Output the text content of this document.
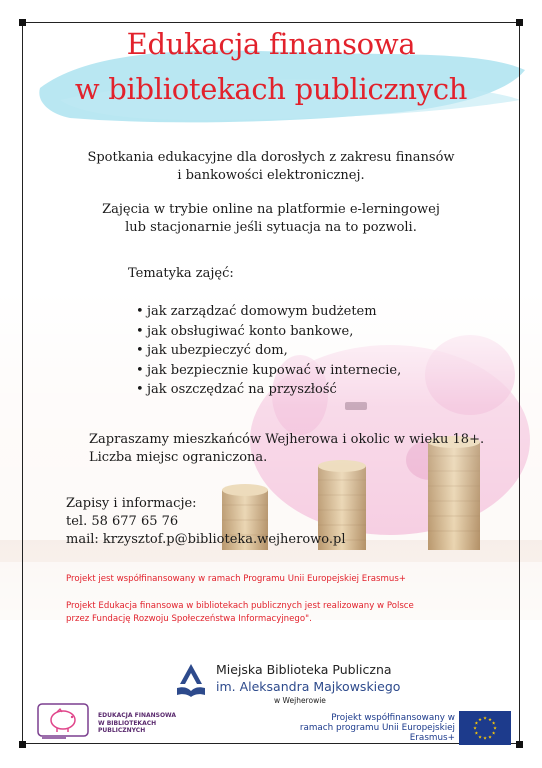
Edukacja finansowa
w bibliotekach publicznych
Spotkania edukacyjne dla dorosłych z zakresu finansów
i bankowości elektronicznej.
Zajęcia w trybie online na platformie e-lerningowej
lub stacjonarnie jeśli sytuacja na to pozwoli.
Tematyka zajęć:
• jak zarządzać domowym budżetem
• jak obsługiwać konto bankowe,
• jak ubezpieczyć dom,
• jak bezpiecznie kupować w internecie,
• jak oszczędzać na przyszłość
Zapraszamy mieszkańców Wejherowa i okolic w wieku 18+.
Liczba miejsc ograniczona.
Zapisy i informacje:
tel. 58 677 65 76
mail: krzysztof.p@biblioteka.wejherowo.pl
Projekt jest współfinansowany w ramach Programu Unii Europejskiej Erasmus+
Projekt Edukacja finansowa w bibliotekach publicznych jest realizowany w Polsce
przez Fundację Rozwoju Społeczeństwa Informacyjnego".
Miejska Biblioteka Publiczna
im. Aleksandra Majkowskiego
w Wejherowie
EDUKACJA FINANSOWA
W BIBLIOTEKACH
PUBLICZNYCH
Projekt współfinansowany w
ramach programu Unii Europejskiej
Erasmus+
★
★
★
★
★
★
★
★
★ ★ ★
★
